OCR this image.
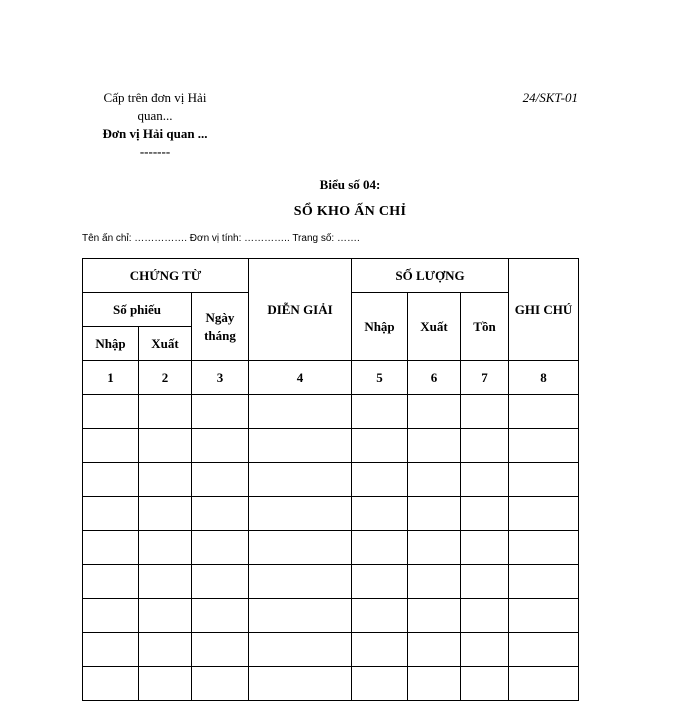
Cấp trên đơn vị Hải
quan...
Đơn vị Hải quan ...
-------
24/SKT-01
Biểu số 04:
SỔ KHO ẤN CHỈ
Tên ấn chỉ: ……………. Đơn vị tính: ………….. Trang số: …….
CHỨNG TỪ			DIỄN GIẢI	SỐ LƯỢNG			GHI CHÚ
Số phiếu		Ngày tháng		Nhập	Xuất	Tồn	
Nhập	Xuất						
1	2	3	4	5	6	7	8
